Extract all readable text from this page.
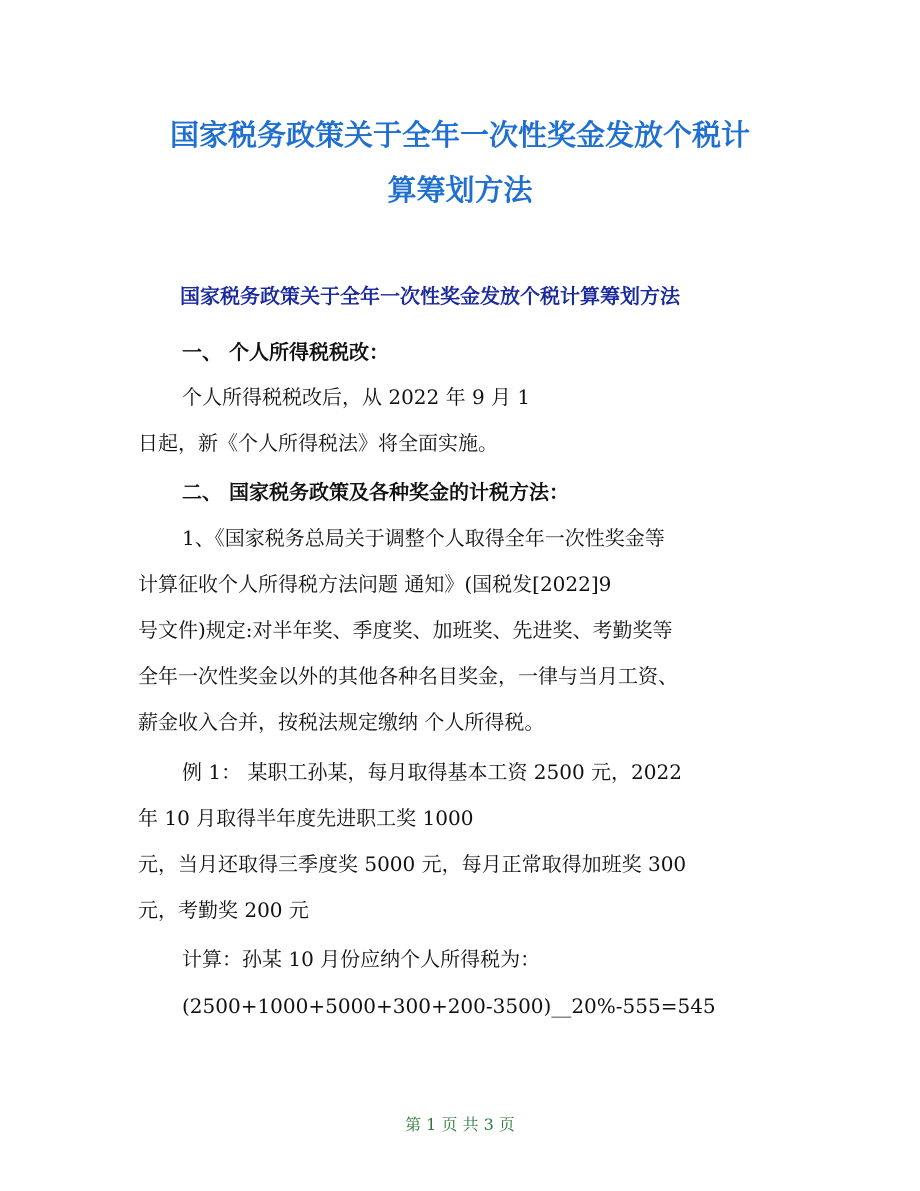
国家税务政策关于全年一次性奖金发放个税计
算筹划方法
国家税务政策关于全年一次性奖金发放个税计算筹划方法

一、 个人所得税税改：

个人所得税税改后，从 2022 年 9 月 1

日起，新《个人所得税法》将全面实施。

二、 国家税务政策及各种奖金的计税方法：

1、《国家税务总局关于调整个人取得全年一次性奖金等

计算征收个人所得税方法问题 通知》(国税发[2022]9

号文件)规定:对半年奖、季度奖、加班奖、先进奖、考勤奖等

全年一次性奖金以外的其他各种名目奖金，一律与当月工资、

薪金收入合并，按税法规定缴纳 个人所得税。

例 1： 某职工孙某，每月取得基本工资 2500 元，2022

年 10 月取得半年度先进职工奖 1000

元，当月还取得三季度奖 5000 元，每月正常取得加班奖 300

元，考勤奖 200 元

计算：孙某 10 月份应纳个人所得税为：

(2500+1000+5000+300+200-3500)__20%-555=545

第 1 页 共 3 页
